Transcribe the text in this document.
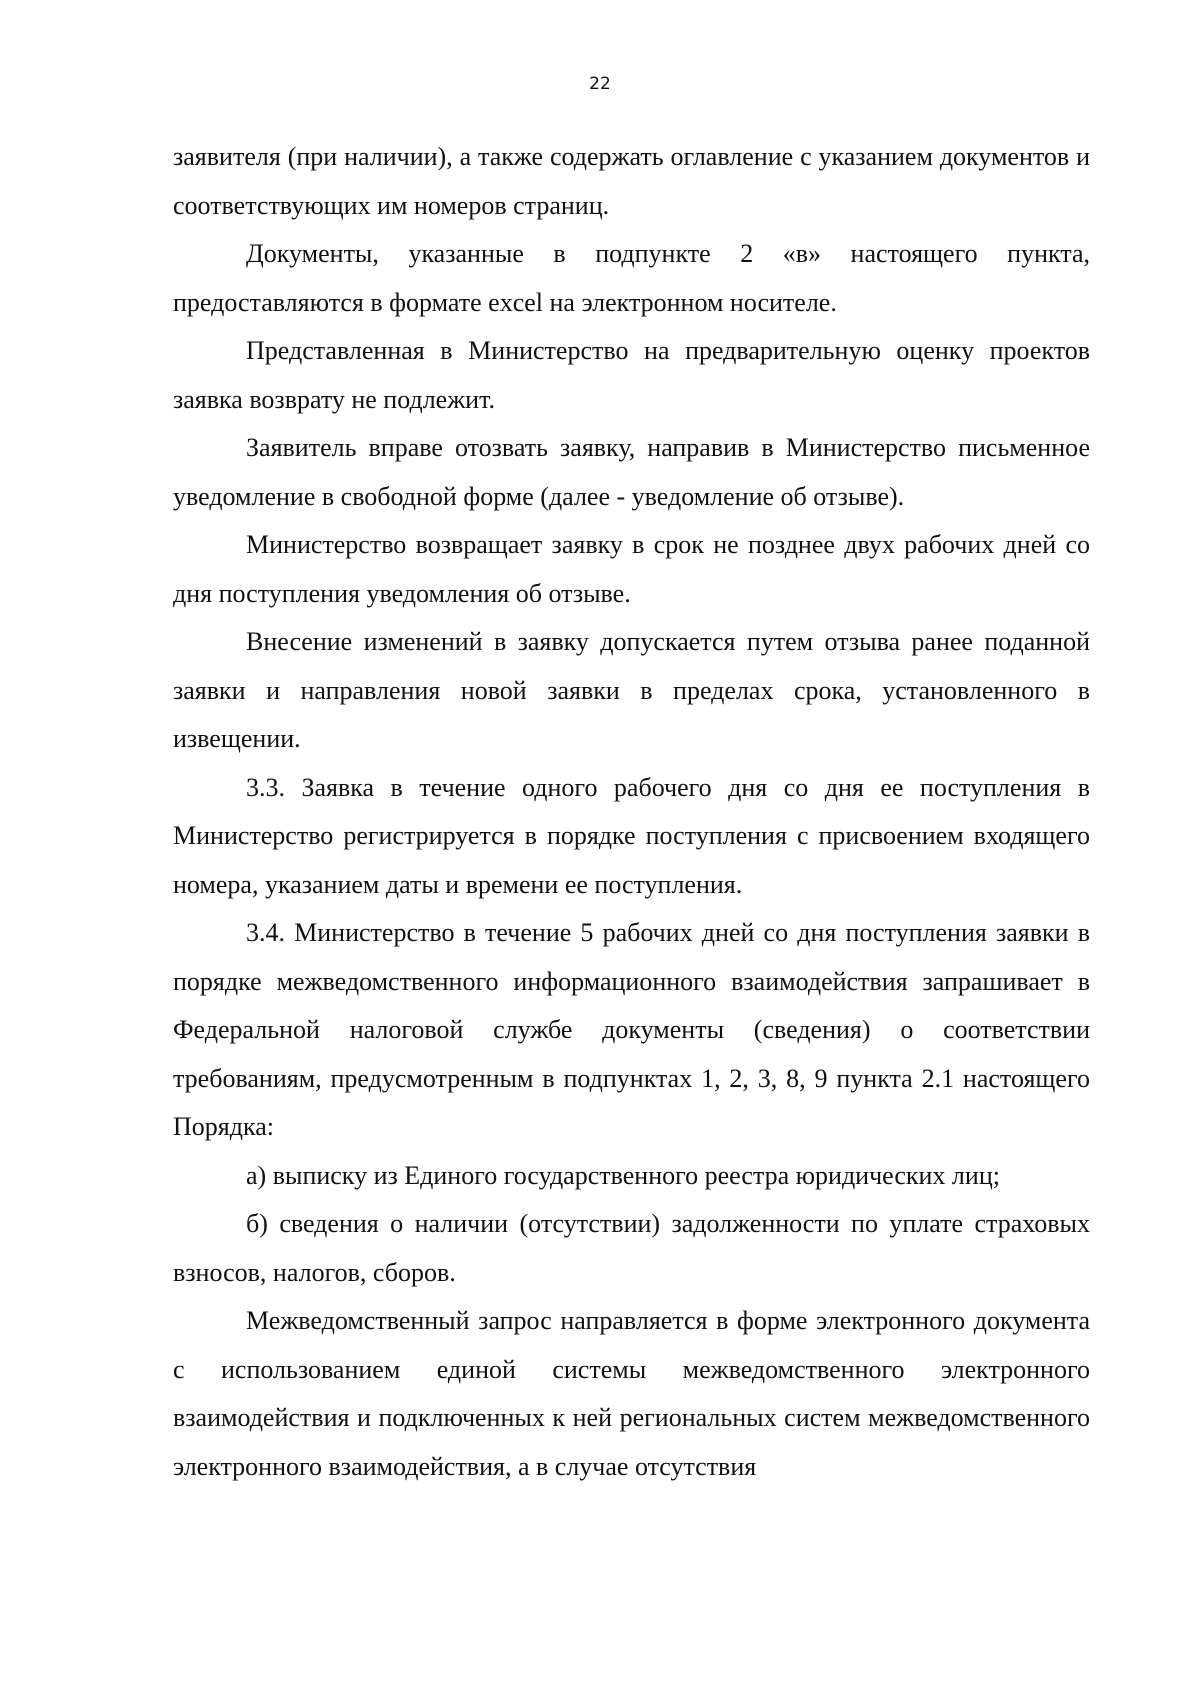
22

заявителя (при наличии), а также содержать оглавление с указанием документов и соответствующих им номеров страниц.

Документы, указанные в подпункте 2 «в» настоящего пункта, предоставляются в формате excel на электронном носителе.

Представленная в Министерство на предварительную оценку проектов заявка возврату не подлежит.

Заявитель вправе отозвать заявку, направив в Министерство письменное уведомление в свободной форме (далее - уведомление об отзыве).

Министерство возвращает заявку в срок не позднее двух рабочих дней со дня поступления уведомления об отзыве.

Внесение изменений в заявку допускается путем отзыва ранее поданной заявки и направления новой заявки в пределах срока, установленного в извещении.

3.3. Заявка в течение одного рабочего дня со дня ее поступления в Министерство регистрируется в порядке поступления с присвоением входящего номера, указанием даты и времени ее поступления.

3.4. Министерство в течение 5 рабочих дней со дня поступления заявки в порядке межведомственного информационного взаимодействия запрашивает в Федеральной налоговой службе документы (сведения) о соответствии требованиям, предусмотренным в подпунктах 1, 2, 3, 8, 9 пункта 2.1 настоящего Порядка:

а) выписку из Единого государственного реестра юридических лиц;

б) сведения о наличии (отсутствии) задолженности по уплате страховых взносов, налогов, сборов.

Межведомственный запрос направляется в форме электронного документа с использованием единой системы межведомственного электронного взаимодействия и подключенных к ней региональных систем межведомственного электронного взаимодействия, а в случае отсутствия
